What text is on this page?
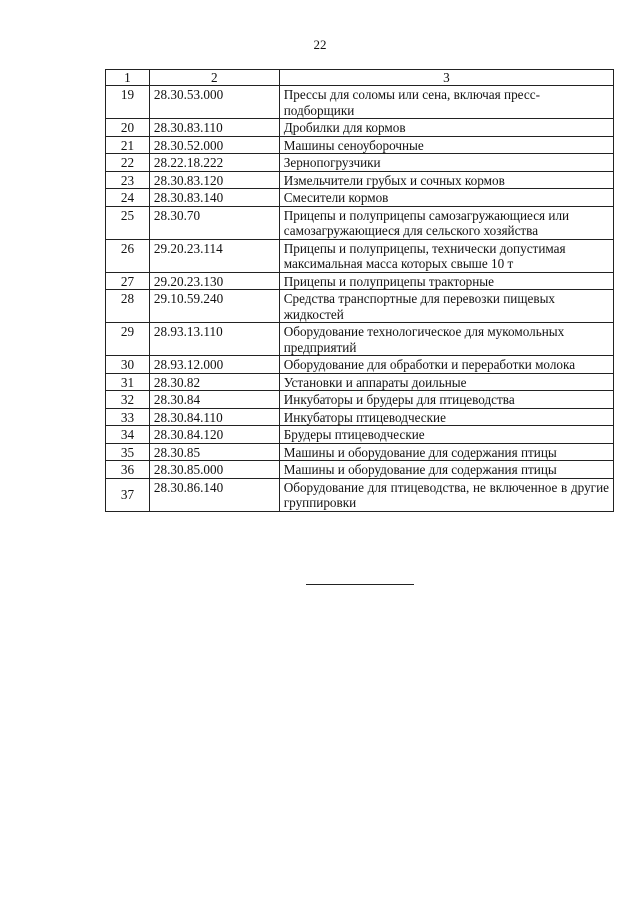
22
1	2	3
19	28.30.53.000	Прессы для соломы или сена, включая пресс-подборщики
20	28.30.83.110	Дробилки для кормов
21	28.30.52.000	Машины сеноуборочные
22	28.22.18.222	Зернопогрузчики
23	28.30.83.120	Измельчители грубых и сочных кормов
24	28.30.83.140	Смесители кормов
25	28.30.70	Прицепы и полуприцепы самозагружающиеся или самозагружающиеся для сельского хозяйства
26	29.20.23.114	Прицепы и полуприцепы, технически допустимая максимальная масса которых свыше 10 т
27	29.20.23.130	Прицепы и полуприцепы тракторные
28	29.10.59.240	Средства транспортные для перевозки пищевых жидкостей
29	28.93.13.110	Оборудование технологическое для мукомольных предприятий
30	28.93.12.000	Оборудование для обработки и переработки молока
31	28.30.82	Установки и аппараты доильные
32	28.30.84	Инкубаторы и брудеры для птицеводства
33	28.30.84.110	Инкубаторы птицеводческие
34	28.30.84.120	Брудеры птицеводческие
35	28.30.85	Машины и оборудование для содержания птицы
36	28.30.85.000	Машины и оборудование для содержания птицы
37	28.30.86.140	Оборудование для птицеводства, не включенное в другие группировки
